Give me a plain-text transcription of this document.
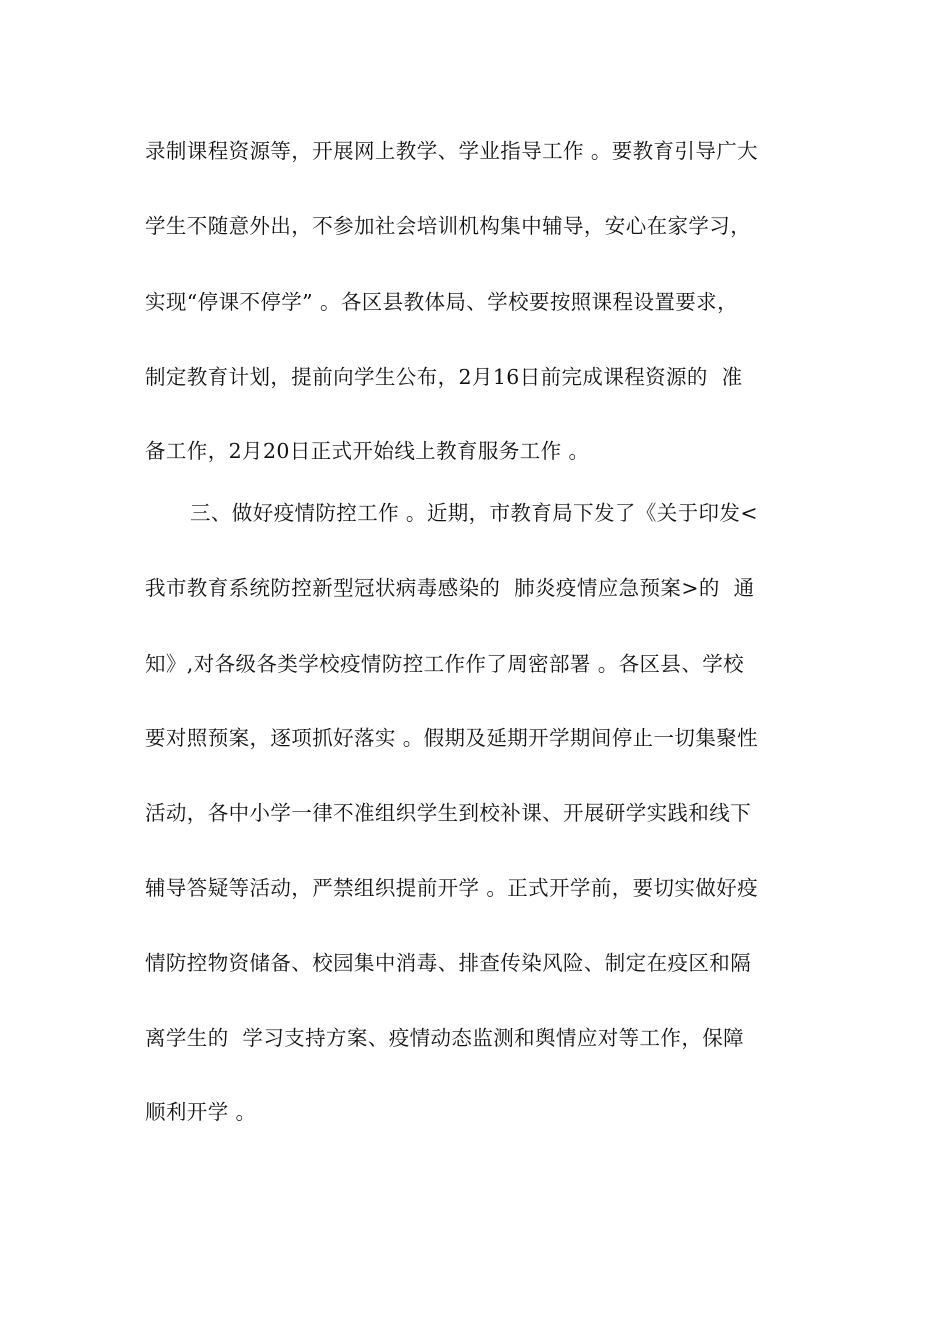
录制课程资源等，开展网上教学、学业指导工作 。要教育引导广大
学生不随意外出，不参加社会培训机构集中辅导，安心在家学习，
实现“停课不停学” 。各区县教体局、学校要按照课程设置要求，
制定教育计划，提前向学生公布，2月16日前完成课程资源的  准
备工作，2月20日正式开始线上教育服务工作 。
三、做好疫情防控工作 。近期，市教育局下发了《关于印发<
我市教育系统防控新型冠状病毒感染的  肺炎疫情应急预案>的  通
知》,对各级各类学校疫情防控工作作了周密部署 。各区县、学校
要对照预案，逐项抓好落实 。假期及延期开学期间停止一切集聚性
活动，各中小学一律不准组织学生到校补课、开展研学实践和线下
辅导答疑等活动，严禁组织提前开学 。正式开学前，要切实做好疫
情防控物资储备、校园集中消毒、排查传染风险、制定在疫区和隔
离学生的  学习支持方案、疫情动态监测和舆情应对等工作，保障
顺利开学 。
